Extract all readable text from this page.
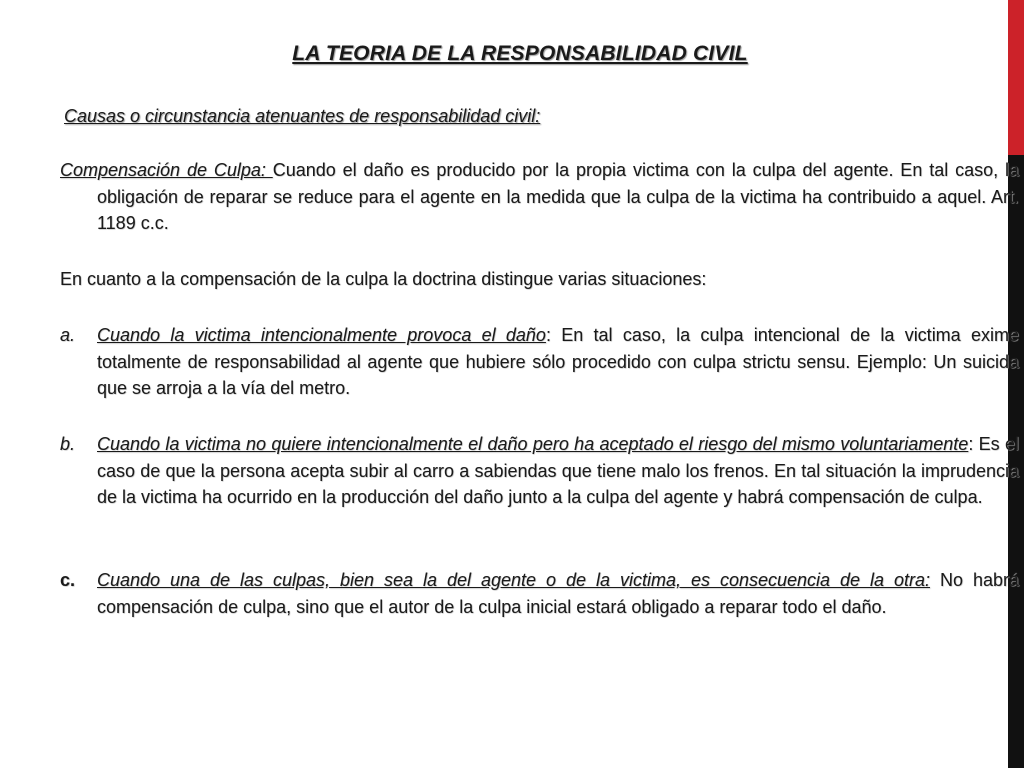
LA TEORIA DE LA RESPONSABILIDAD CIVIL
Causas o circunstancia atenuantes de responsabilidad civil:
Compensación de Culpa: Cuando el daño es producido por la propia victima con la culpa del agente. En tal caso, la obligación de reparar se reduce para el agente en la medida que la culpa de la victima ha contribuido a aquel. Art. 1189 c.c.
En cuanto a la compensación de la culpa la doctrina distingue varias situaciones:
a. Cuando la victima intencionalmente provoca el daño: En tal caso, la culpa intencional de la victima exime totalmente de responsabilidad al agente que hubiere sólo procedido con culpa strictu sensu. Ejemplo: Un suicida que se arroja a la vía del metro.
b. Cuando la victima no quiere intencionalmente el daño pero ha aceptado el riesgo del mismo voluntariamente: Es el caso de que la persona acepta subir al carro a sabiendas que tiene malo los frenos. En tal situación la imprudencia de la victima ha ocurrido en la producción del daño junto a la culpa del agente y habrá compensación de culpa.
c. Cuando una de las culpas, bien sea la del agente o de la victima, es consecuencia de la otra: No habrá compensación de culpa, sino que el autor de la culpa inicial estará obligado a reparar todo el daño.
